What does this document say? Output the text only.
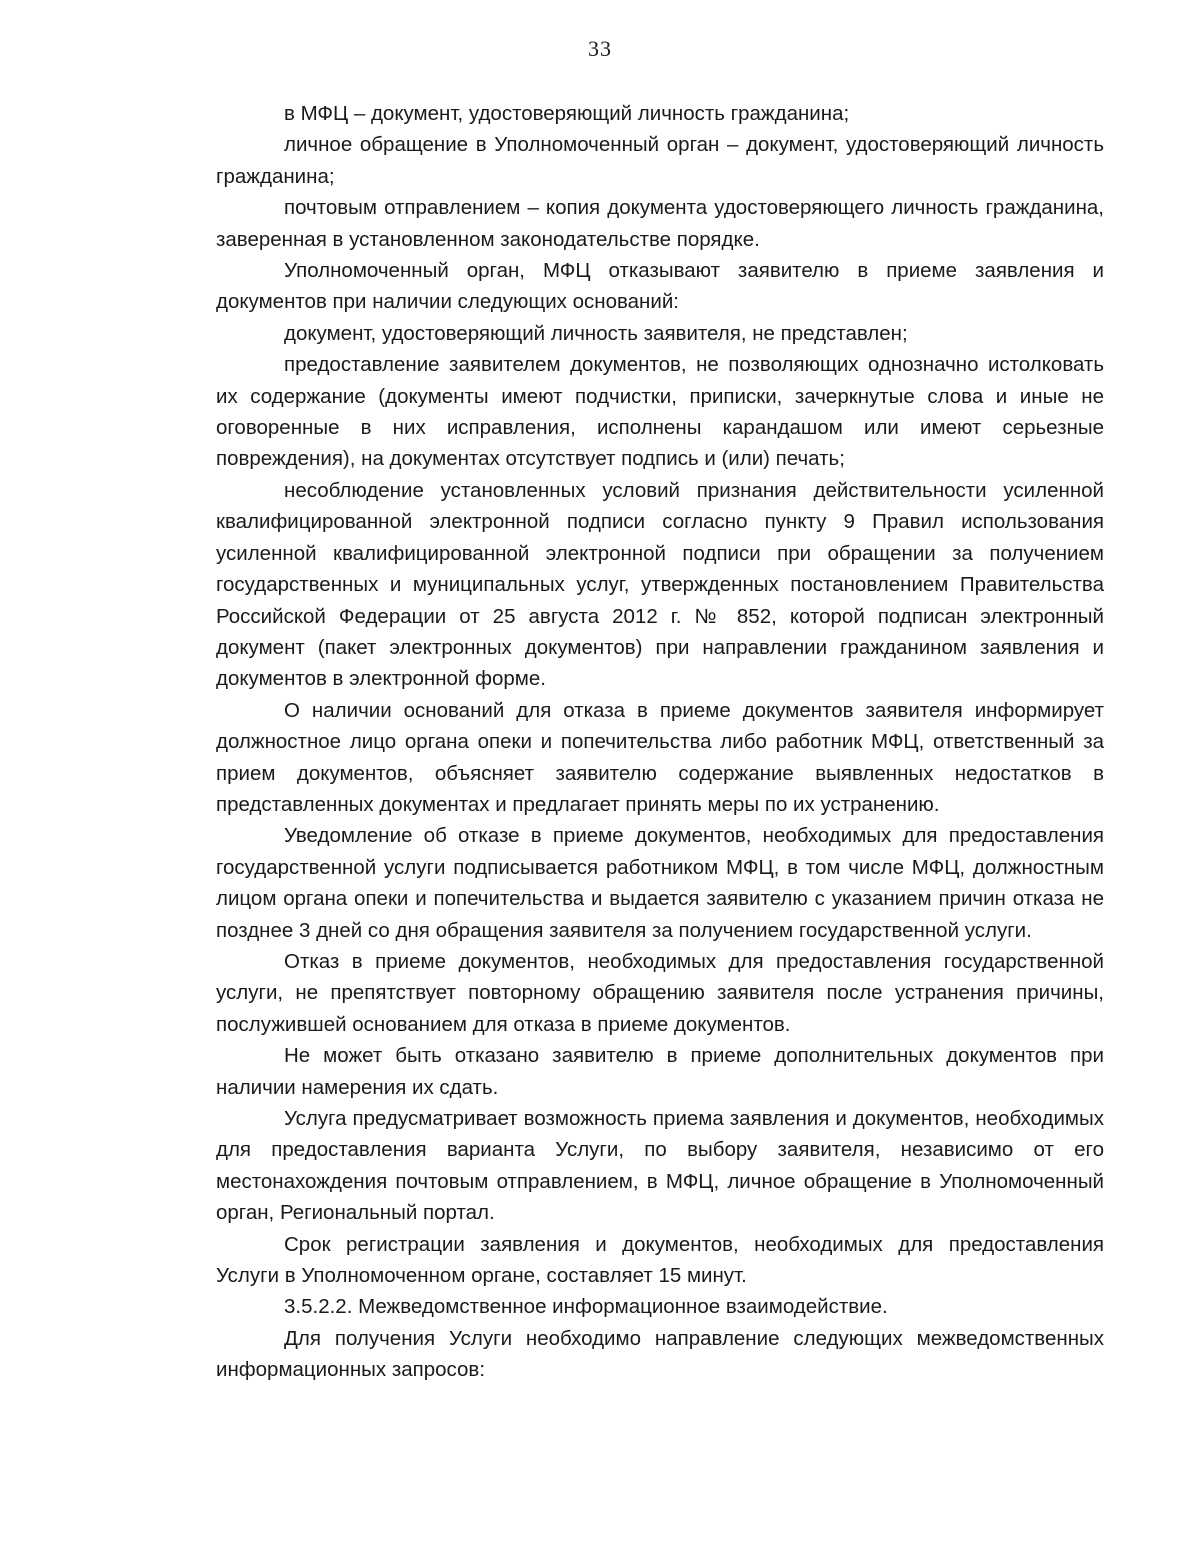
33

в МФЦ – документ, удостоверяющий личность гражданина;

личное обращение в Уполномоченный орган – документ, удостоверяющий личность гражданина;

почтовым отправлением – копия документа удостоверяющего личность гражданина, заверенная в установленном законодательстве порядке.

Уполномоченный орган, МФЦ отказывают заявителю в приеме заявления и документов при наличии следующих оснований:

документ, удостоверяющий личность заявителя, не представлен;

предоставление заявителем документов, не позволяющих однозначно истолковать их содержание (документы имеют подчистки, приписки, зачеркнутые слова и иные не оговоренные в них исправления, исполнены карандашом или имеют серьезные повреждения), на документах отсутствует подпись и (или) печать;

несоблюдение установленных условий признания действительности усиленной квалифицированной электронной подписи согласно пункту 9 Правил использования усиленной квалифицированной электронной подписи при обращении за получением государственных и муниципальных услуг, утвержденных постановлением Правительства Российской Федерации от 25 августа 2012 г. № 852, которой подписан электронный документ (пакет электронных документов) при направлении гражданином заявления и документов в электронной форме.

О наличии оснований для отказа в приеме документов заявителя информирует должностное лицо органа опеки и попечительства либо работник МФЦ, ответственный за прием документов, объясняет заявителю содержание выявленных недостатков в представленных документах и предлагает принять меры по их устранению.

Уведомление об отказе в приеме документов, необходимых для предоставления государственной услуги подписывается работником МФЦ, в том числе МФЦ, должностным лицом органа опеки и попечительства и выдается заявителю с указанием причин отказа не позднее 3 дней со дня обращения заявителя за получением государственной услуги.

Отказ в приеме документов, необходимых для предоставления государственной услуги, не препятствует повторному обращению заявителя после устранения причины, послужившей основанием для отказа в приеме документов.

Не может быть отказано заявителю в приеме дополнительных документов при наличии намерения их сдать.

Услуга предусматривает возможность приема заявления и документов, необходимых для предоставления варианта Услуги, по выбору заявителя, независимо от его местонахождения почтовым отправлением, в МФЦ, личное обращение в Уполномоченный орган, Региональный портал.

Срок регистрации заявления и документов, необходимых для предоставления Услуги в Уполномоченном органе, составляет 15 минут.

3.5.2.2. Межведомственное информационное взаимодействие.

Для получения Услуги необходимо направление следующих межведомственных информационных запросов:
